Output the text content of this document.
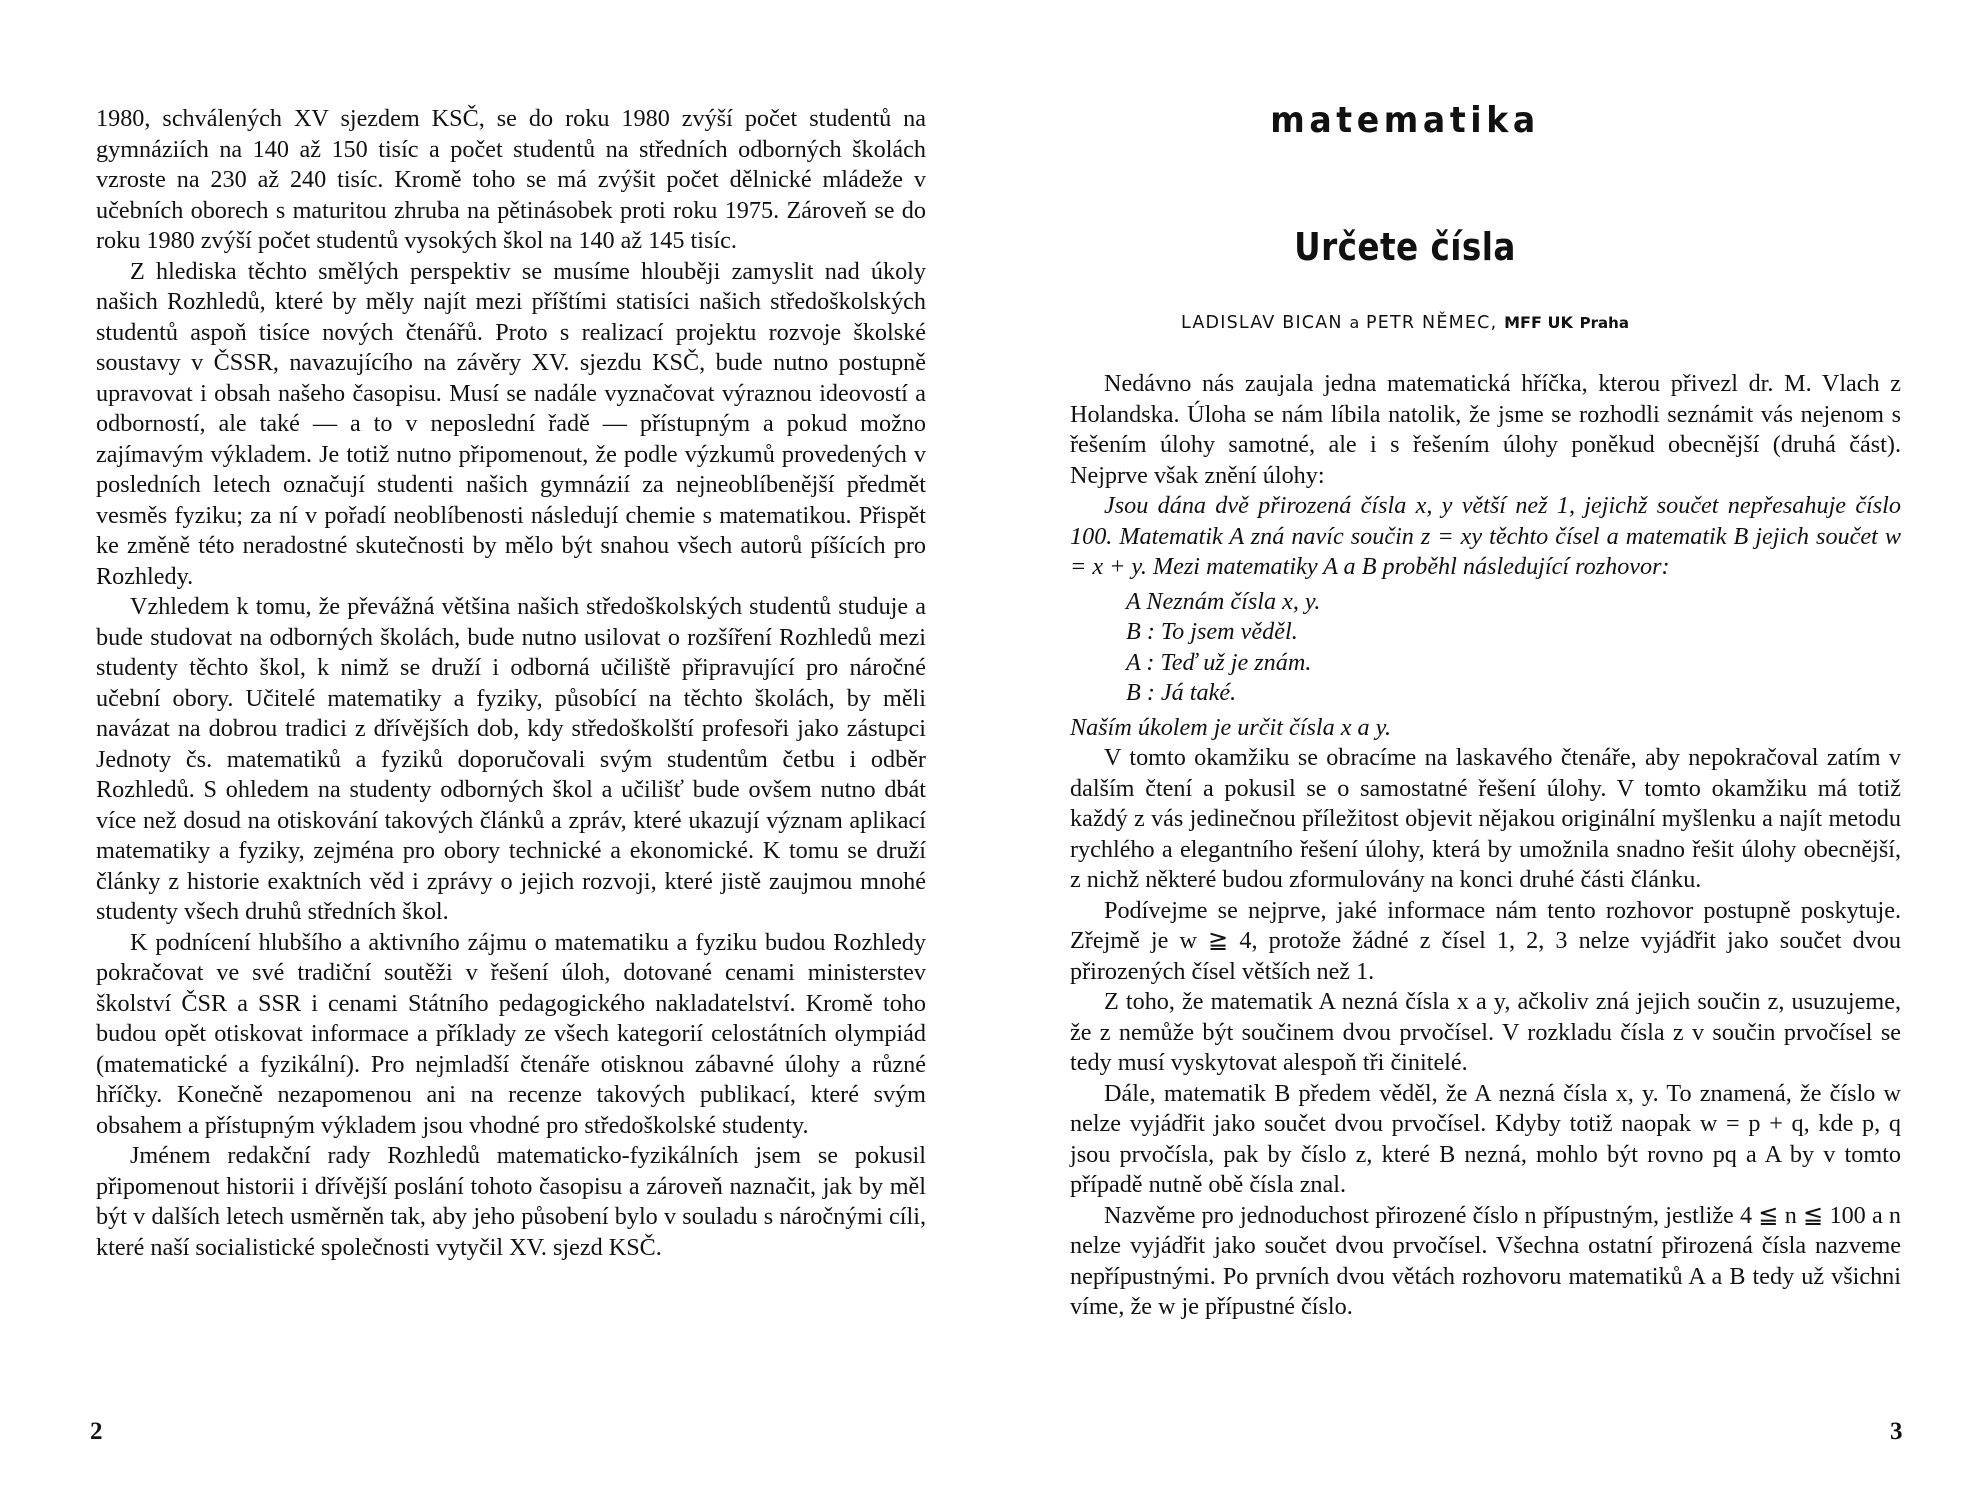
1980, schválených XV sjezdem KSČ, se do roku 1980 zvýší počet studentů na gymnáziích na 140 až 150 tisíc a počet studentů na středních odborných školách vzroste na 230 až 240 tisíc. Kromě toho se má zvýšit počet dělnické mládeže v učebních oborech s maturitou zhruba na pětinásobek proti roku 1975. Zároveň se do roku 1980 zvýší počet studentů vysokých škol na 140 až 145 tisíc.

Z hlediska těchto smělých perspektiv se musíme hlouběji zamyslit nad úkoly našich Rozhledů, které by měly najít mezi příštími statisíci našich středoškolských studentů aspoň tisíce nových čtenářů. Proto s realizací projektu rozvoje školské soustavy v ČSSR, navazujícího na závěry XV. sjezdu KSČ, bude nutno postupně upravovat i obsah našeho časopisu. Musí se nadále vyznačovat výraznou ideovostí a odborností, ale také — a to v neposlední řadě — přístupným a pokud možno zajímavým výkladem. Je totiž nutno připomenout, že podle výzkumů provedených v posledních letech označují studenti našich gymnázií za nejneoblíbenější předmět vesměs fyziku; za ní v pořadí neoblíbenosti následují chemie s matematikou. Přispět ke změně této neradostné skutečnosti by mělo být snahou všech autorů píšících pro Rozhledy.

Vzhledem k tomu, že převážná většina našich středoškolských studentů studuje a bude studovat na odborných školách, bude nutno usilovat o rozšíření Rozhledů mezi studenty těchto škol, k nimž se druží i odborná učiliště připravující pro náročné učební obory. Učitelé matematiky a fyziky, působící na těchto školách, by měli navázat na dobrou tradici z dřívějších dob, kdy středoškolští profesoři jako zástupci Jednoty čs. matematiků a fyziků doporučovali svým studentům četbu i odběr Rozhledů. S ohledem na studenty odborných škol a učilišť bude ovšem nutno dbát více než dosud na otiskování takových článků a zpráv, které ukazují význam aplikací matematiky a fyziky, zejména pro obory technické a ekonomické. K tomu se druží články z historie exaktních věd i zprávy o jejich rozvoji, které jistě zaujmou mnohé studenty všech druhů středních škol.

K podnícení hlubšího a aktivního zájmu o matematiku a fyziku budou Rozhledy pokračovat ve své tradiční soutěži v řešení úloh, dotované cenami ministerstev školství ČSR a SSR i cenami Státního pedagogického nakladatelství. Kromě toho budou opět otiskovat informace a příklady ze všech kategorií celostátních olympiád (matematické a fyzikální). Pro nejmladší čtenáře otisknou zábavné úlohy a různé hříčky. Konečně nezapomenou ani na recenze takových publikací, které svým obsahem a přístupným výkladem jsou vhodné pro středoškolské studenty.

Jménem redakční rady Rozhledů matematicko-fyzikálních jsem se pokusil připomenout historii i dřívější poslání tohoto časopisu a zároveň naznačit, jak by měl být v dalších letech usměrněn tak, aby jeho působení bylo v souladu s náročnými cíli, které naší socialistické společnosti vytyčil XV. sjezd KSČ.

2
matematika
Určete čísla
LADISLAV BICAN a PETR NĚMEC, MFF UK Praha

Nedávno nás zaujala jedna matematická hříčka, kterou přivezl dr. M. Vlach z Holandska. Úloha se nám líbila natolik, že jsme se rozhodli seznámit vás nejenom s řešením úlohy samotné, ale i s řešením úlohy poněkud obecnější (druhá část). Nejprve však znění úlohy:

Jsou dána dvě přirozená čísla x, y větší než 1, jejichž součet nepřesahuje číslo 100. Matematik A zná navíc součin z = xy těchto čísel a matematik B jejich součet w = x + y. Mezi matematiky A a B proběhl následující rozhovor:

A Neznám čísla x, y.
B : To jsem věděl.
A : Teď už je znám.
B : Já také.

Naším úkolem je určit čísla x a y.

V tomto okamžiku se obracíme na laskavého čtenáře, aby nepokračoval zatím v dalším čtení a pokusil se o samostatné řešení úlohy. V tomto okamžiku má totiž každý z vás jedinečnou příležitost objevit nějakou originální myšlenku a najít metodu rychlého a elegantního řešení úlohy, která by umožnila snadno řešit úlohy obecnější, z nichž některé budou zformulovány na konci druhé části článku.

Podívejme se nejprve, jaké informace nám tento rozhovor postupně poskytuje. Zřejmě je w ≧ 4, protože žádné z čísel 1, 2, 3 nelze vyjádřit jako součet dvou přirozených čísel větších než 1.

Z toho, že matematik A nezná čísla x a y, ačkoliv zná jejich součin z, usuzujeme, že z nemůže být součinem dvou prvočísel. V rozkladu čísla z v součin prvočísel se tedy musí vyskytovat alespoň tři činitelé.

Dále, matematik B předem věděl, že A nezná čísla x, y. To znamená, že číslo w nelze vyjádřit jako součet dvou prvočísel. Kdyby totiž naopak w = p + q, kde p, q jsou prvočísla, pak by číslo z, které B nezná, mohlo být rovno pq a A by v tomto případě nutně obě čísla znal.

Nazvěme pro jednoduchost přirozené číslo n přípustným, jestliže 4 ≦ n ≦ 100 a n nelze vyjádřit jako součet dvou prvočísel. Všechna ostatní přirozená čísla nazveme nepřípustnými. Po prvních dvou větách rozhovoru matematiků A a B tedy už všichni víme, že w je přípustné číslo.

3
